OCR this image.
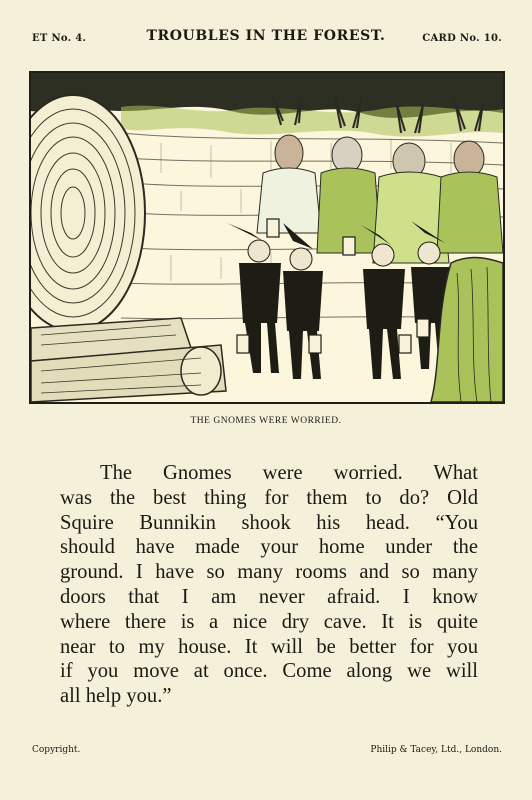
ET No. 4.	TROUBLES IN THE FOREST.	CARD No. 10.
THE GNOMES WERE WORRIED.

The Gnomes were worried. What
was the best thing for them to do? Old
Squire Bunnikin shook his head. “You
should have made your home under the
ground. I have so many rooms and so many
doors that I am never afraid. I know
where there is a nice dry cave. It is quite
near to my house. It will be better for you
if you move at once. Come along we will
all help you.”

Copyright.	Philip & Tacey, Ltd., London.
